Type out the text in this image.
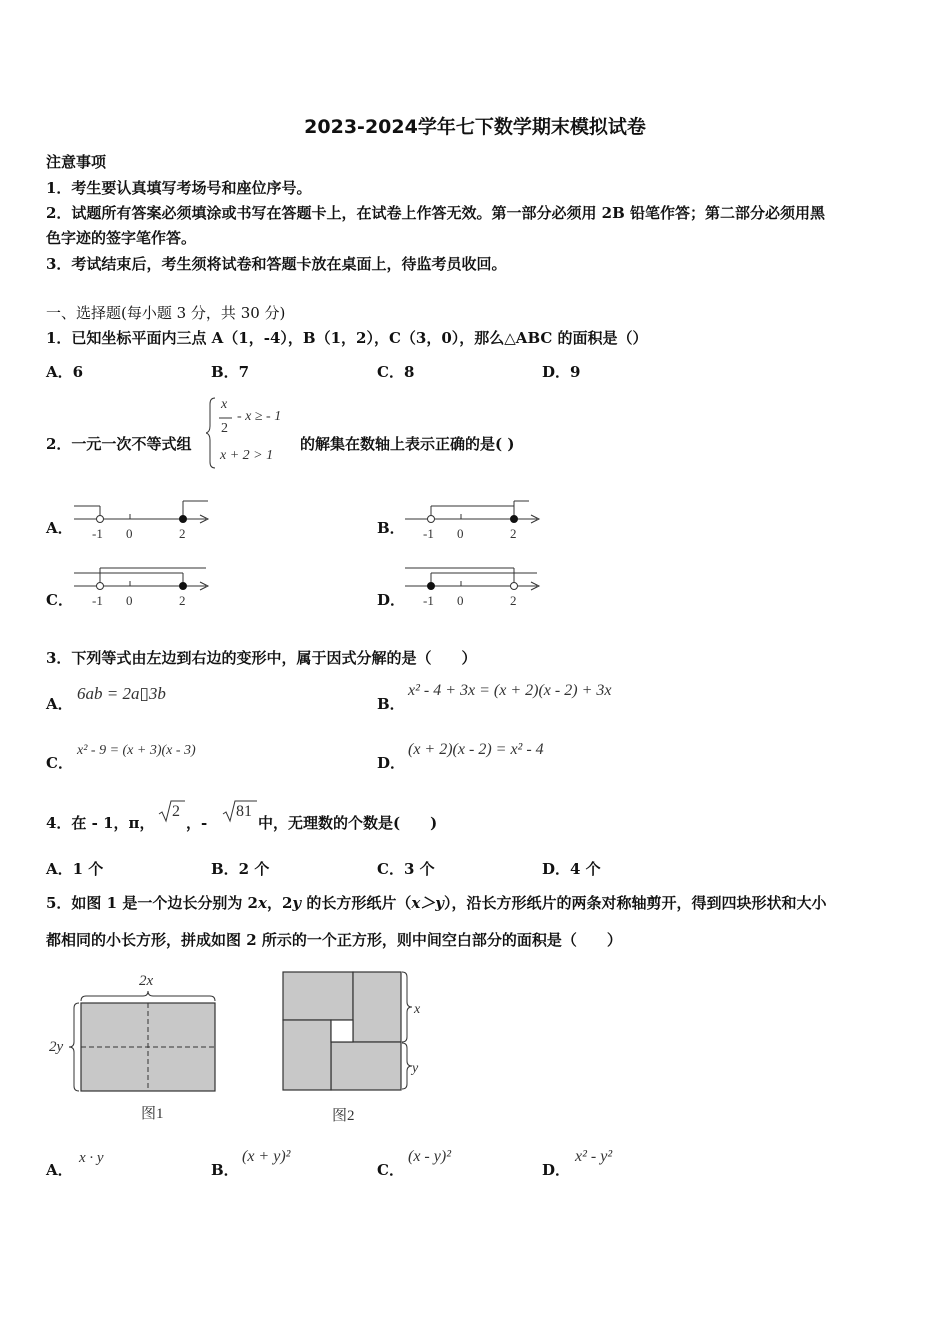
2023-2024学年七下数学期末模拟试卷
注意事项
1．考生要认真填写考场号和座位序号。
2．试题所有答案必须填涂或书写在答题卡上，在试卷上作答无效。第一部分必须用 2B 铅笔作答；第二部分必须用黑
色字迹的签字笔作答。
3．考试结束后，考生须将试卷和答题卡放在桌面上，待监考员收回。
一、选择题(每小题 3 分，共 30 分)
1．已知坐标平面内三点 A（1，-4），B（1，2），C（3，0），那么△ABC 的面积是（）
A．6	B．7	C．8	D．9
2．一元一次不等式组
x
2
- x ≥ - 1
x + 2 > 1
的解集在数轴上表示正确的是( )
A． -1 0	2	B． -1 0	2
C． -1 0	2	D． -1 0	2
3．下列等式由左边到右边的变形中，属于因式分解的是（　　）
A．
6ab = 2a▯3b
B．
x² - 4 + 3x = (x + 2)(x - 2) + 3x
C．
x² - 9 = (x + 3)(x - 3)
D．
(x + 2)(x - 2) = x² - 4
4．在 - 1，π，
2
，-
81
中，无理数的个数是(　　)
A．1 个	B．2 个	C．3 个	D．4 个
5．如图 1 是一个边长分别为 2x，2y 的长方形纸片（x＞y），沿长方形纸片的两条对称轴剪开，得到四块形状和大小
都相同的小长方形，拼成如图 2 所示的一个正方形，则中间空白部分的面积是（　　）
2x
2y
图1
x
y
图2
A．
x · y
B．
(x + y)²
C．
(x - y)²
D．
x² - y²
